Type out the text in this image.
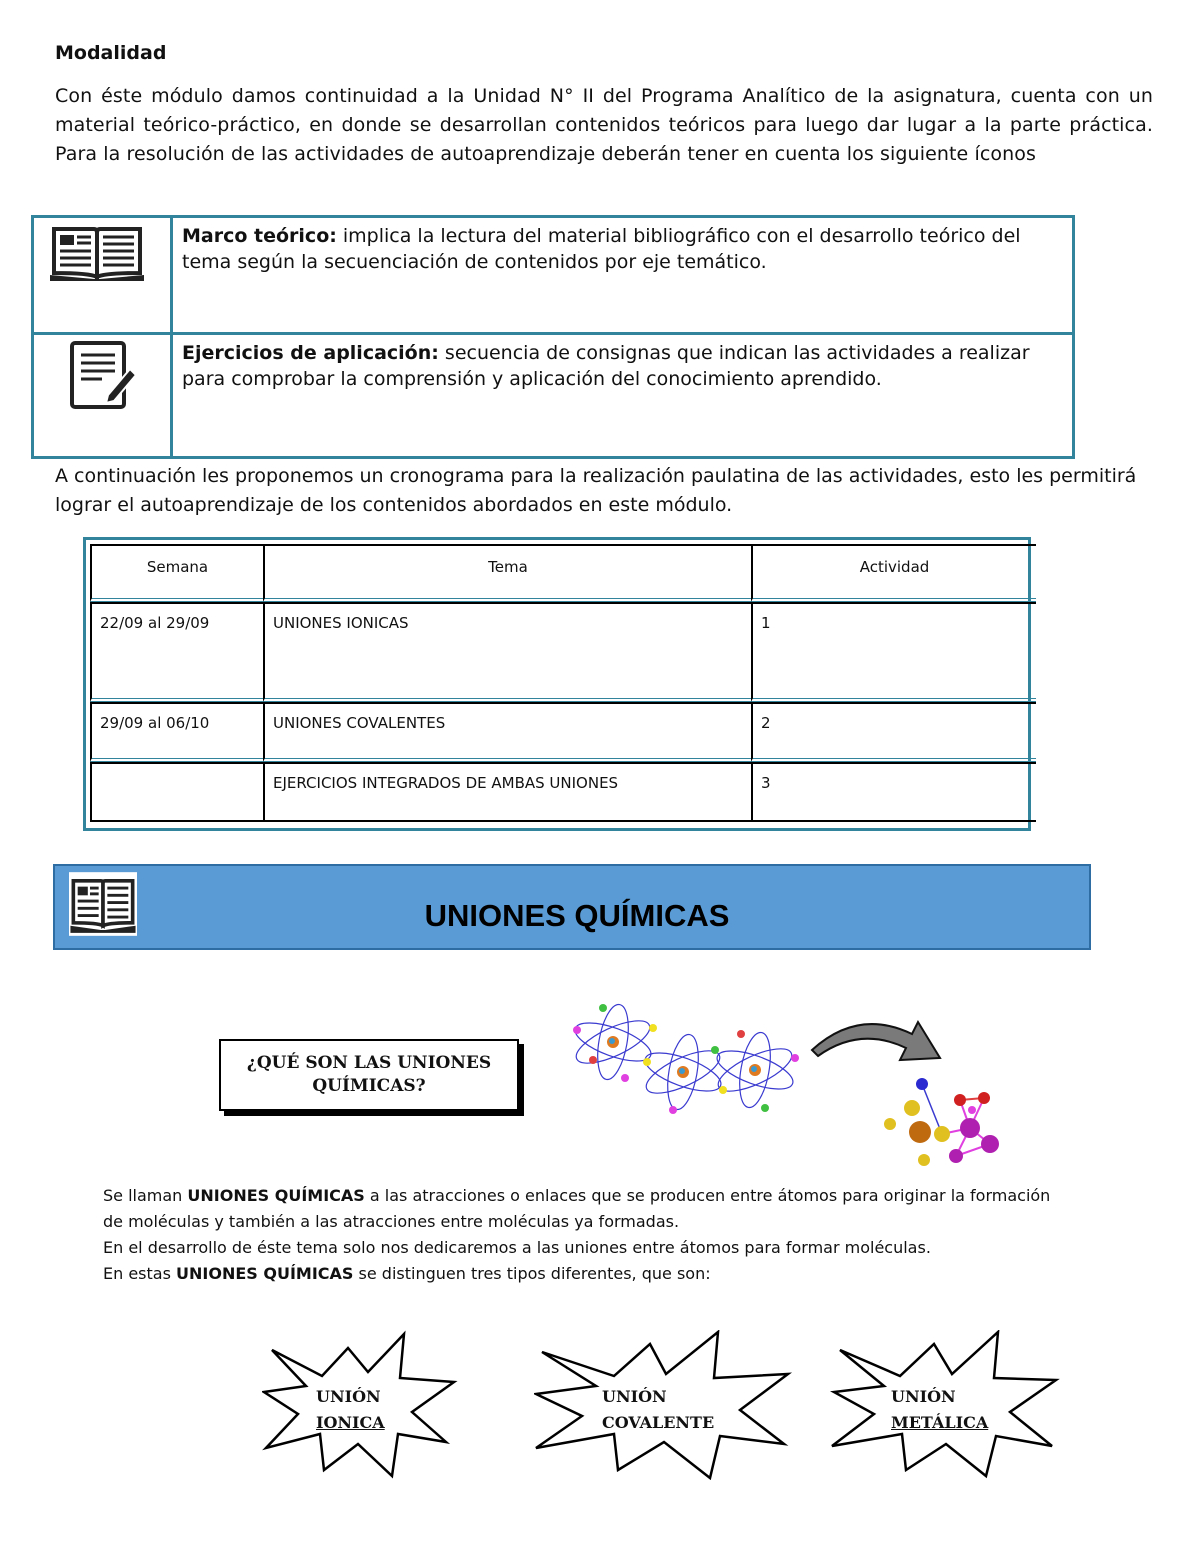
Modalidad
Con éste módulo damos continuidad a la Unidad N° II del Programa Analítico de la asignatura, cuenta con un material teórico-práctico, en donde se desarrollan contenidos teóricos para luego dar lugar a la parte práctica. Para la resolución de las actividades de autoaprendizaje deberán tener en cuenta los siguiente íconos
Marco teórico: implica la lectura del material bibliográfico con el desarrollo teórico del tema según la secuenciación de contenidos por eje temático.
Ejercicios de aplicación: secuencia de consignas que indican las actividades a realizar para comprobar la comprensión y aplicación del conocimiento aprendido.
A continuación les proponemos un cronograma para la realización paulatina de las actividades, esto les permitirá lograr el autoaprendizaje de los contenidos abordados en este módulo.
Semana	Tema	Actividad
22/09 al 29/09	UNIONES IONICAS	1
29/09 al 06/10	UNIONES COVALENTES	2
	EJERCICIOS INTEGRADOS DE AMBAS UNIONES	3
UNIONES QUÍMICAS
¿QUÉ SON LAS UNIONES
QUÍMICAS?
Se llaman UNIONES QUÍMICAS a las atracciones o enlaces que se producen entre átomos para originar la formación de moléculas y también a las atracciones entre moléculas ya formadas.
En el desarrollo de éste tema solo nos dedicaremos a las uniones entre átomos para formar moléculas.
En estas UNIONES QUÍMICAS se distinguen tres tipos diferentes, que son:
UNIÓN
IONICA
UNIÓN
COVALENTE
UNIÓN
METÁLICA
